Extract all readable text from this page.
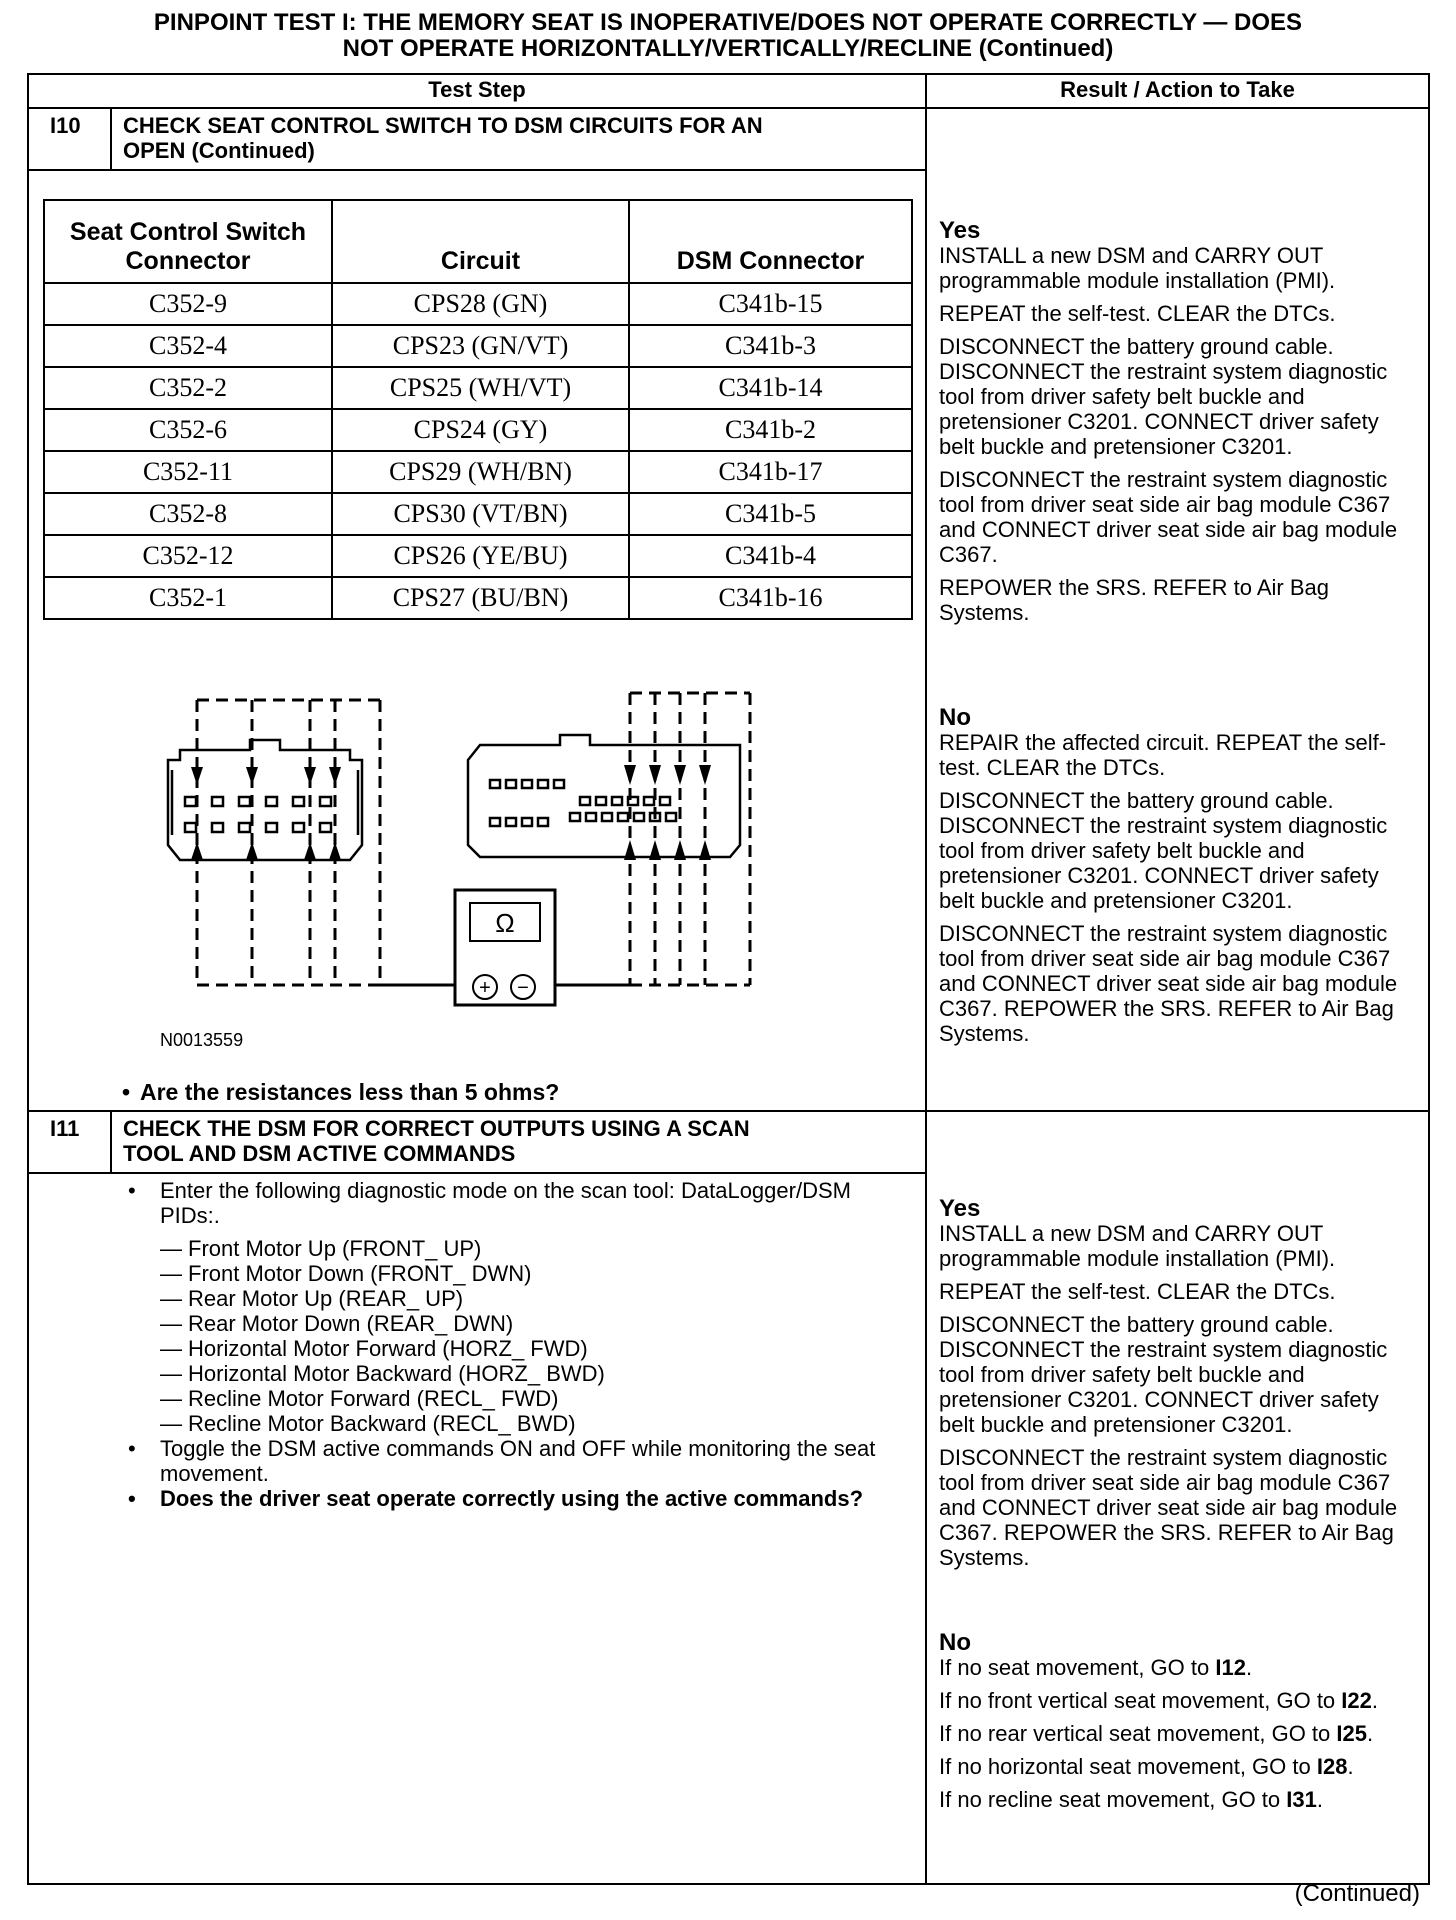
PINPOINT TEST I: THE MEMORY SEAT IS INOPERATIVE/DOES NOT OPERATE CORRECTLY — DOES
NOT OPERATE HORIZONTALLY/VERTICALLY/RECLINE (Continued)
Test Step	Result / Action to Take
I10 CHECK SEAT CONTROL SWITCH TO DSM CIRCUITS FOR AN
OPEN (Continued)
Seat Control Switch Connector	Circuit	DSM Connector
C352-9	CPS28 (GN)	C341b-15
C352-4	CPS23 (GN/VT)	C341b-3
C352-2	CPS25 (WH/VT)	C341b-14
C352-6	CPS24 (GY)	C341b-2
C352-11	CPS29 (WH/BN)	C341b-17
C352-8	CPS30 (VT/BN)	C341b-5
C352-12	CPS26 (YE/BU)	C341b-4
C352-1	CPS27 (BU/BN)	C341b-16
Ω
+ −
N0013559
• Are the resistances less than 5 ohms?
Yes

INSTALL a new DSM and CARRY OUT programmable module installation (PMI).

REPEAT the self-test. CLEAR the DTCs.

DISCONNECT the battery ground cable. DISCONNECT the restraint system diagnostic tool from driver safety belt buckle and pretensioner C3201. CONNECT driver safety belt buckle and pretensioner C3201.

DISCONNECT the restraint system diagnostic tool from driver seat side air bag module C367 and CONNECT driver seat side air bag module C367.

REPOWER the SRS. REFER to Air Bag Systems.

No

REPAIR the affected circuit. REPEAT the self-test. CLEAR the DTCs.

DISCONNECT the battery ground cable. DISCONNECT the restraint system diagnostic tool from driver safety belt buckle and pretensioner C3201. CONNECT driver safety belt buckle and pretensioner C3201.

DISCONNECT the restraint system diagnostic tool from driver seat side air bag module C367 and CONNECT driver seat side air bag module C367. REPOWER the SRS. REFER to Air Bag Systems.

I11 CHECK THE DSM FOR CORRECT OUTPUTS USING A SCAN
TOOL AND DSM ACTIVE COMMANDS
• Enter the following diagnostic mode on the scan tool: DataLogger/DSM PIDs:.
— Front Motor Up (FRONT_ UP)
— Front Motor Down (FRONT_ DWN)
— Rear Motor Up (REAR_ UP)
— Rear Motor Down (REAR_ DWN)
— Horizontal Motor Forward (HORZ_ FWD)
— Horizontal Motor Backward (HORZ_ BWD)
— Recline Motor Forward (RECL_ FWD)
— Recline Motor Backward (RECL_ BWD)
• Toggle the DSM active commands ON and OFF while monitoring the seat movement.
• Does the driver seat operate correctly using the active commands?
Yes

INSTALL a new DSM and CARRY OUT programmable module installation (PMI).

REPEAT the self-test. CLEAR the DTCs.

DISCONNECT the battery ground cable. DISCONNECT the restraint system diagnostic tool from driver safety belt buckle and pretensioner C3201. CONNECT driver safety belt buckle and pretensioner C3201.

DISCONNECT the restraint system diagnostic tool from driver seat side air bag module C367 and CONNECT driver seat side air bag module C367. REPOWER the SRS. REFER to Air Bag Systems.

No

If no seat movement, GO to I12.

If no front vertical seat movement, GO to I22.

If no rear vertical seat movement, GO to I25.

If no horizontal seat movement, GO to I28.

If no recline seat movement, GO to I31.

(Continued)
